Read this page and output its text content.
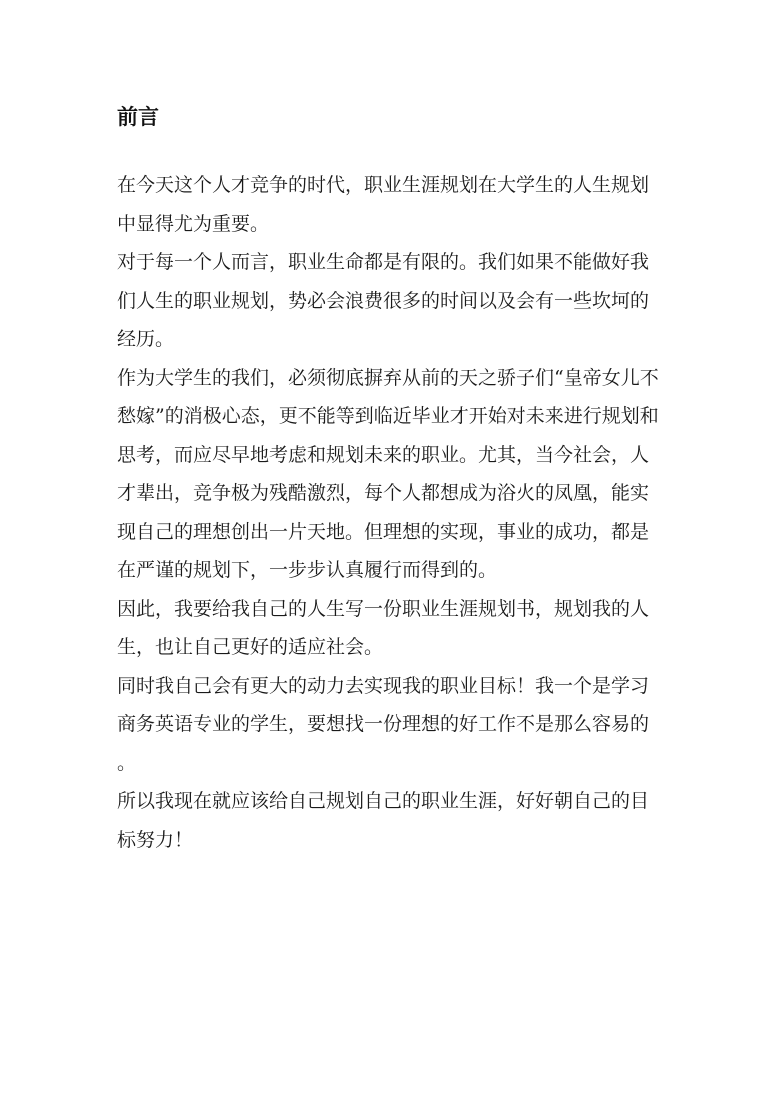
前言

在今天这个人才竞争的时代，职业生涯规划在大学生的人生规划中显得尤为重要。

对于每一个人而言，职业生命都是有限的。我们如果不能做好我们人生的职业规划，势必会浪费很多的时间以及会有一些坎坷的经历。

作为大学生的我们，必须彻底摒弃从前的天之骄子们“皇帝女儿不愁嫁”的消极心态，更不能等到临近毕业才开始对未来进行规划和思考，而应尽早地考虑和规划未来的职业。尤其，当今社会，人才辈出，竞争极为残酷激烈，每个人都想成为浴火的凤凰，能实现自己的理想创出一片天地。但理想的实现，事业的成功，都是在严谨的规划下，一步步认真履行而得到的。

因此，我要给我自己的人生写一份职业生涯规划书，规划我的人生，也让自己更好的适应社会。

同时我自己会有更大的动力去实现我的职业目标！我一个是学习商务英语专业的学生，要想找一份理想的好工作不是那么容易的。

所以我现在就应该给自己规划自己的职业生涯，好好朝自己的目标努力！
